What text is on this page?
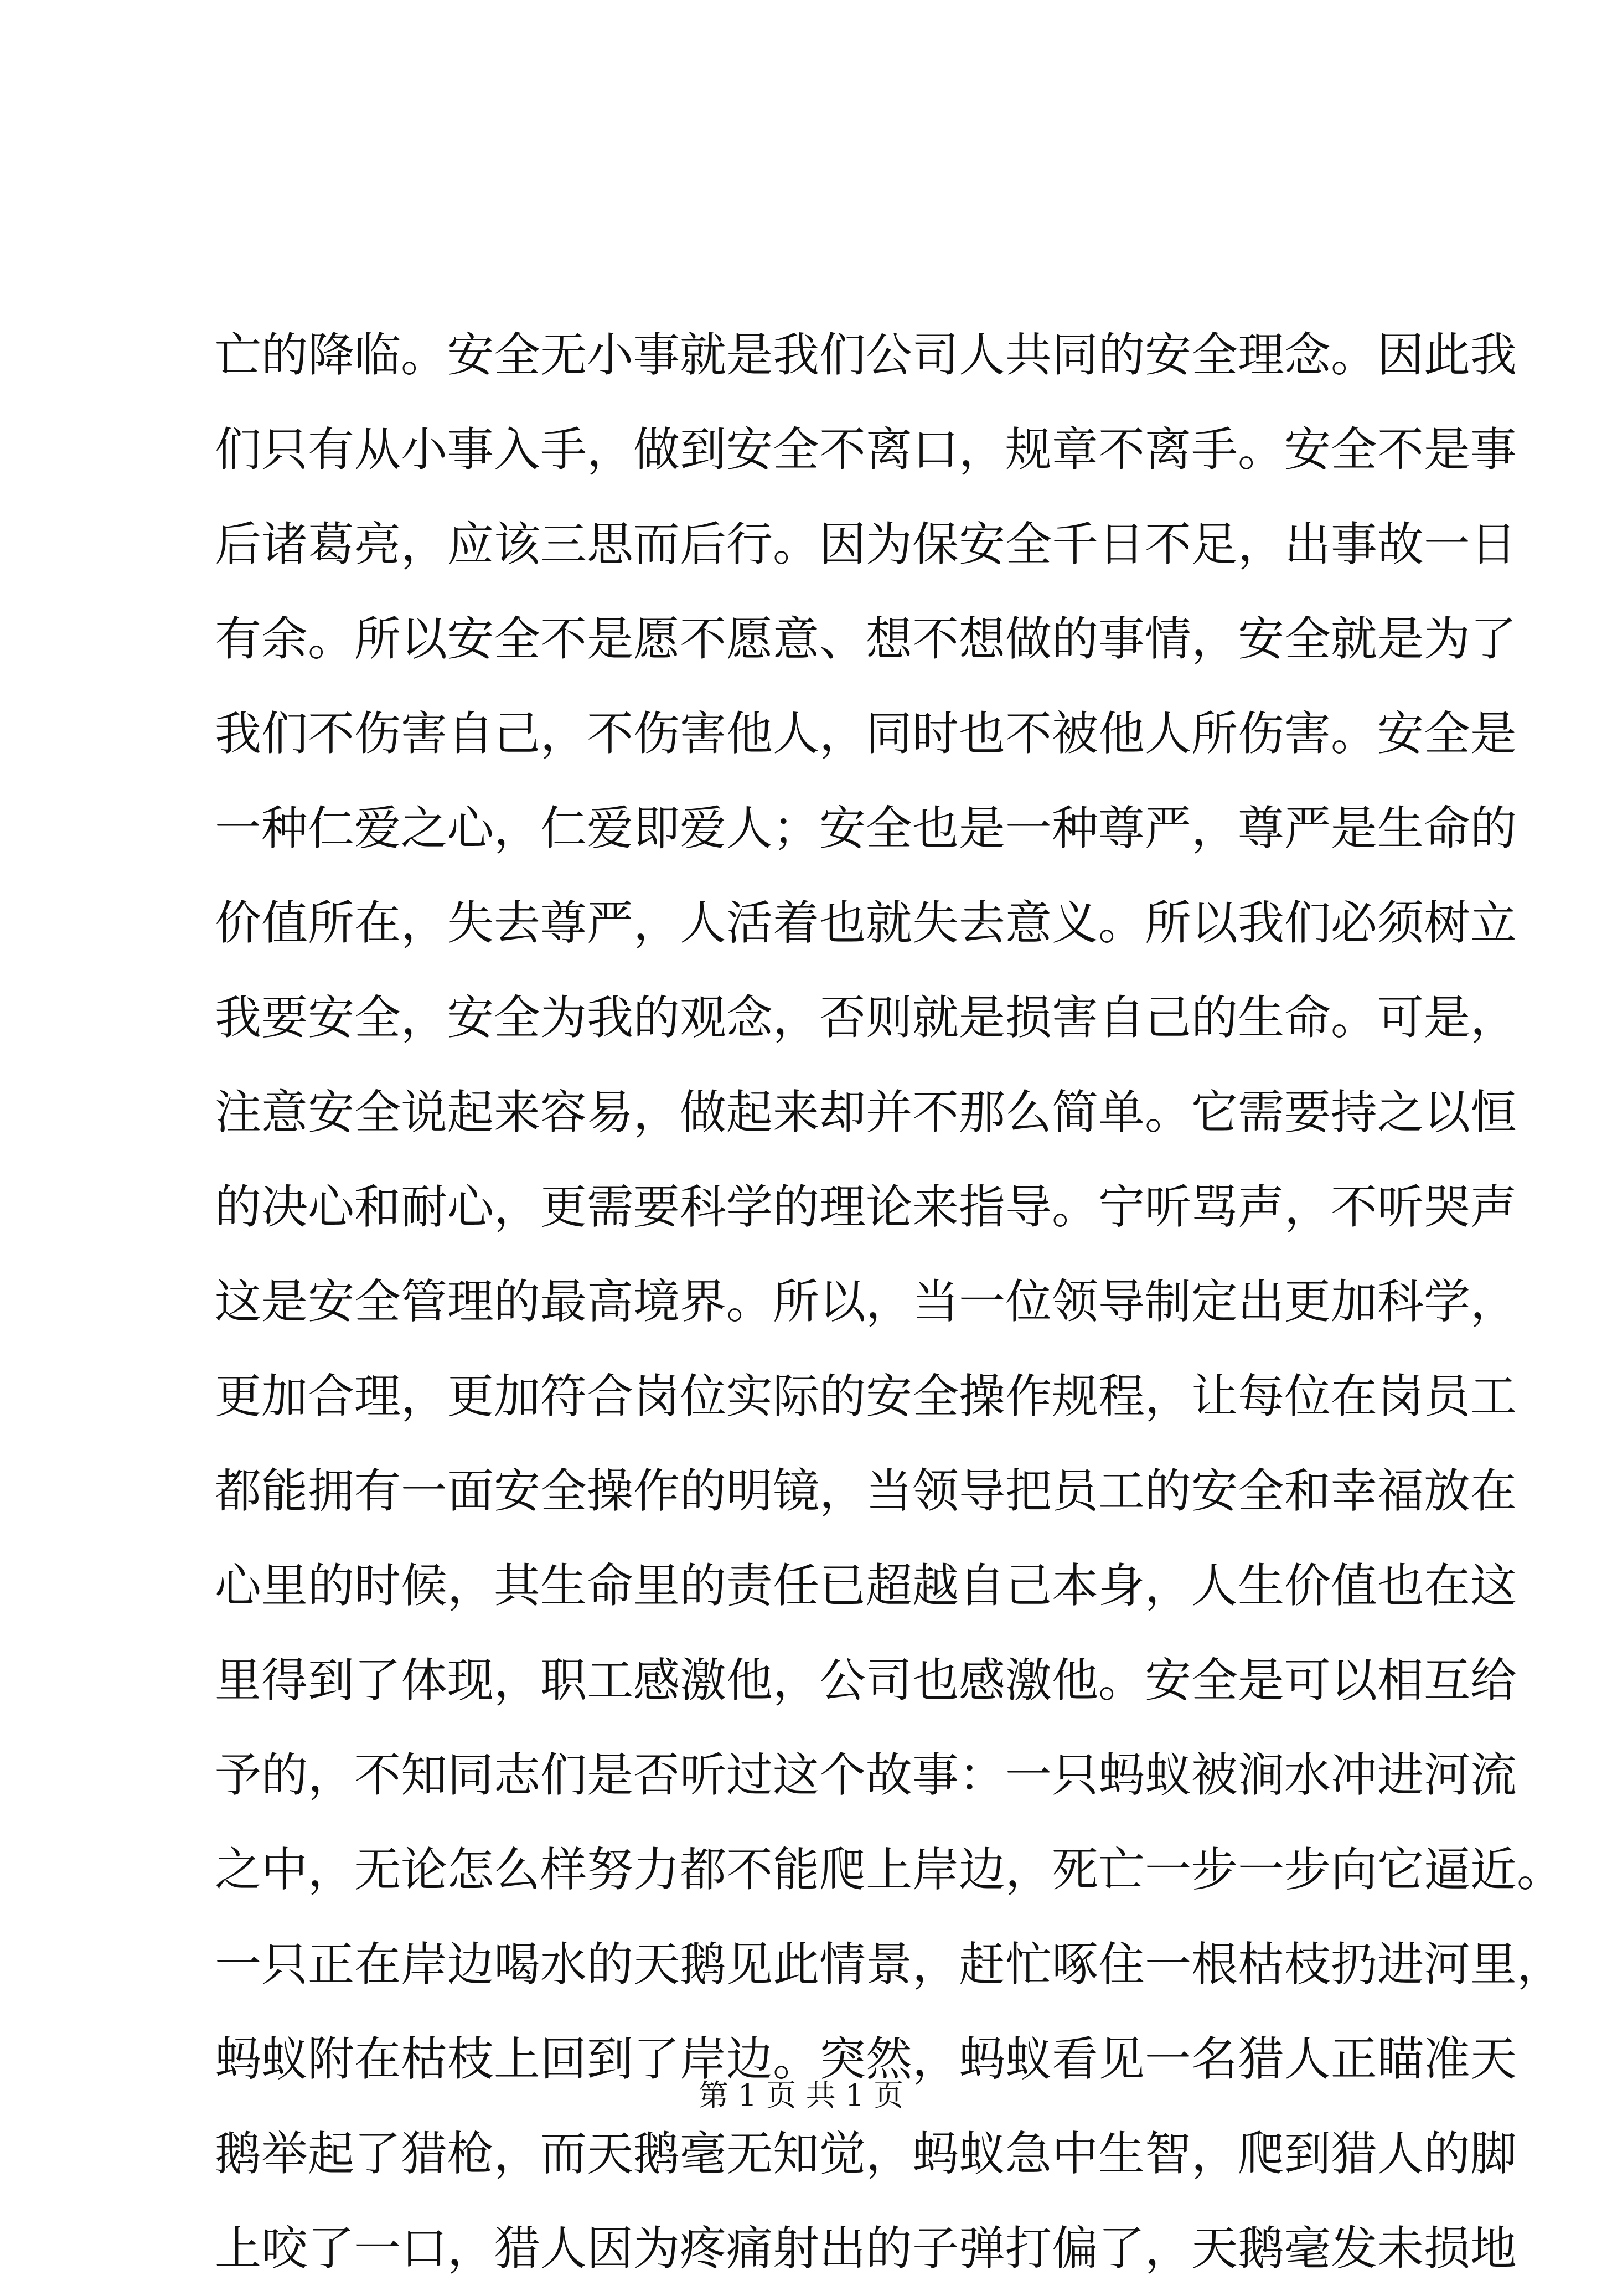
亡的降临。安全无小事就是我们公司人共同的安全理念。因此我
们只有从小事入手，做到安全不离口，规章不离手。安全不是事
后诸葛亮，应该三思而后行。因为保安全千日不足，出事故一日
有余。所以安全不是愿不愿意、想不想做的事情，安全就是为了
我们不伤害自己，不伤害他人，同时也不被他人所伤害。安全是
一种仁爱之心，仁爱即爱人；安全也是一种尊严，尊严是生命的
价值所在，失去尊严，人活着也就失去意义。所以我们必须树立
我要安全，安全为我的观念，否则就是损害自己的生命。可是，
注意安全说起来容易，做起来却并不那么简单。它需要持之以恒
的决心和耐心，更需要科学的理论来指导。宁听骂声，不听哭声
这是安全管理的最高境界。所以，当一位领导制定出更加科学，
更加合理，更加符合岗位实际的安全操作规程，让每位在岗员工
都能拥有一面安全操作的明镜，当领导把员工的安全和幸福放在
心里的时候，其生命里的责任已超越自己本身，人生价值也在这
里得到了体现，职工感激他，公司也感激他。安全是可以相互给
予的，不知同志们是否听过这个故事：一只蚂蚁被涧水冲进河流
之中，无论怎么样努力都不能爬上岸边，死亡一步一步向它逼近。
一只正在岸边喝水的天鹅见此情景，赶忙啄住一根枯枝扔进河里，
蚂蚁附在枯枝上回到了岸边。突然，蚂蚁看见一名猎人正瞄准天
鹅举起了猎枪，而天鹅毫无知觉，蚂蚁急中生智，爬到猎人的脚
上咬了一口，猎人因为疼痛射出的子弹打偏了，天鹅毫发未损地
第 1 页 共 1 页
